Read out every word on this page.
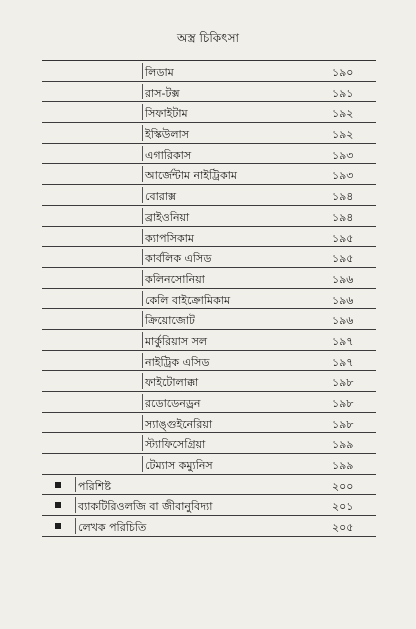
অস্ত্র চিকিৎসা
লিডাম	১৯০
রাস-টক্স	১৯১
সিফাইটাম	১৯২
ইস্কিউলাস	১৯২
এগারিকাস	১৯৩
আর্জেন্টাম নাইট্রিকাম	১৯৩
বোরাক্স	১৯৪
ব্রাইওনিয়া	১৯৪
ক্যাপসিকাম	১৯৫
কার্বলিক এসিড	১৯৫
কলিনসোনিয়া	১৯৬
কেলি বাইক্রোমিকাম	১৯৬
ক্রিয়োজোট	১৯৬
মার্কুরিয়াস সল	১৯৭
নাইট্রিক এসিড	১৯৭
ফাইটোলাক্কা	১৯৮
রডোডেনড্রন	১৯৮
স্যাঙ্গুইনেরিয়া	১৯৮
স্ট্যাফিসেগ্রিয়া	১৯৯
টেম্যাস কম্যুনিস	১৯৯
পরিশিষ্ট	২০০
ব্যাকটিরিওলজি বা জীবানুবিদ্যা	২০১
লেখক পরিচিতি	২০৫
